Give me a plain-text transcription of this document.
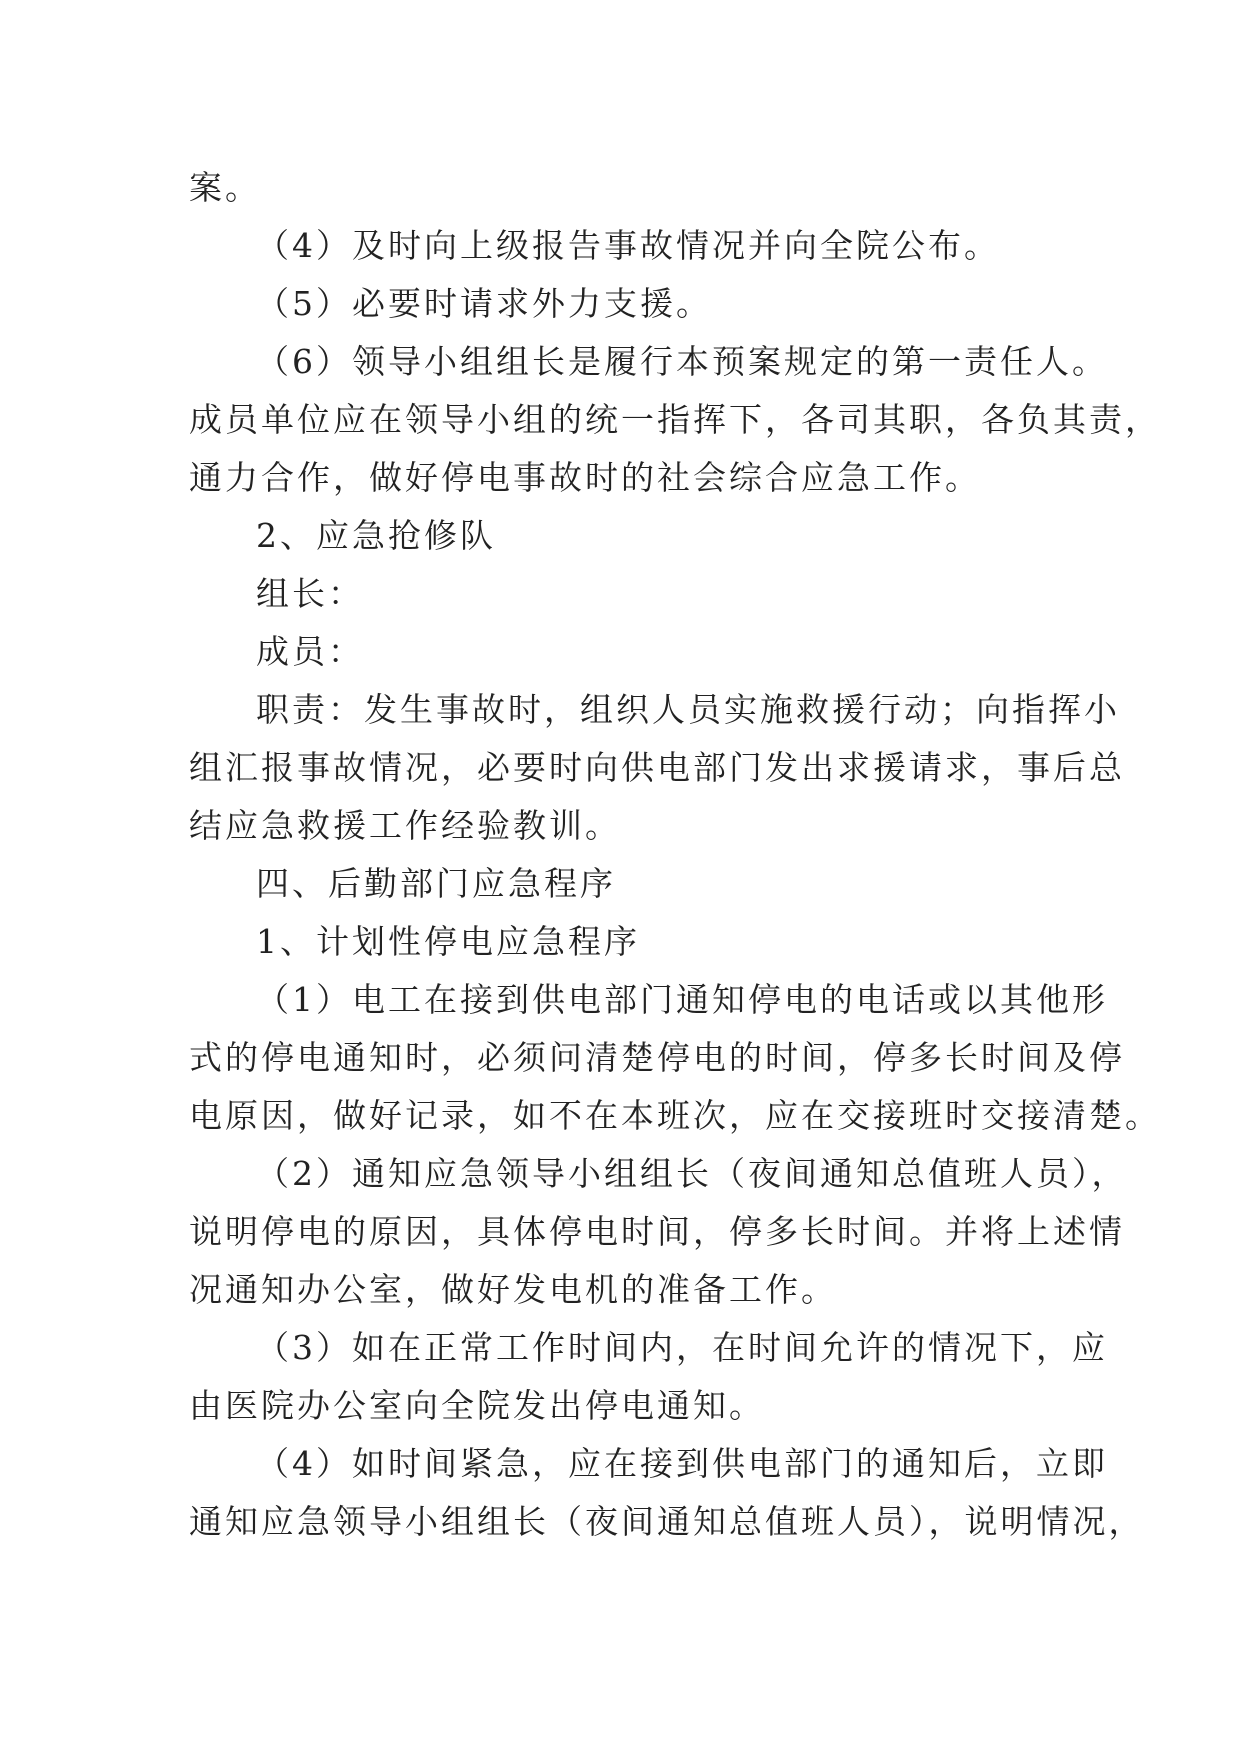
案。
（4）及时向上级报告事故情况并向全院公布。
（5）必要时请求外力支援。
（6）领导小组组长是履行本预案规定的第一责任人。
成员单位应在领导小组的统一指挥下，各司其职，各负其责，
通力合作，做好停电事故时的社会综合应急工作。
2、应急抢修队
组长：
成员：
职责：发生事故时，组织人员实施救援行动；向指挥小
组汇报事故情况，必要时向供电部门发出求援请求，事后总
结应急救援工作经验教训。
四、后勤部门应急程序
1、计划性停电应急程序
（1）电工在接到供电部门通知停电的电话或以其他形
式的停电通知时，必须问清楚停电的时间，停多长时间及停
电原因，做好记录，如不在本班次，应在交接班时交接清楚。
（2）通知应急领导小组组长（夜间通知总值班人员），
说明停电的原因，具体停电时间，停多长时间。并将上述情
况通知办公室，做好发电机的准备工作。
（3）如在正常工作时间内，在时间允许的情况下，应
由医院办公室向全院发出停电通知。
（4）如时间紧急，应在接到供电部门的通知后，立即
通知应急领导小组组长（夜间通知总值班人员），说明情况，
